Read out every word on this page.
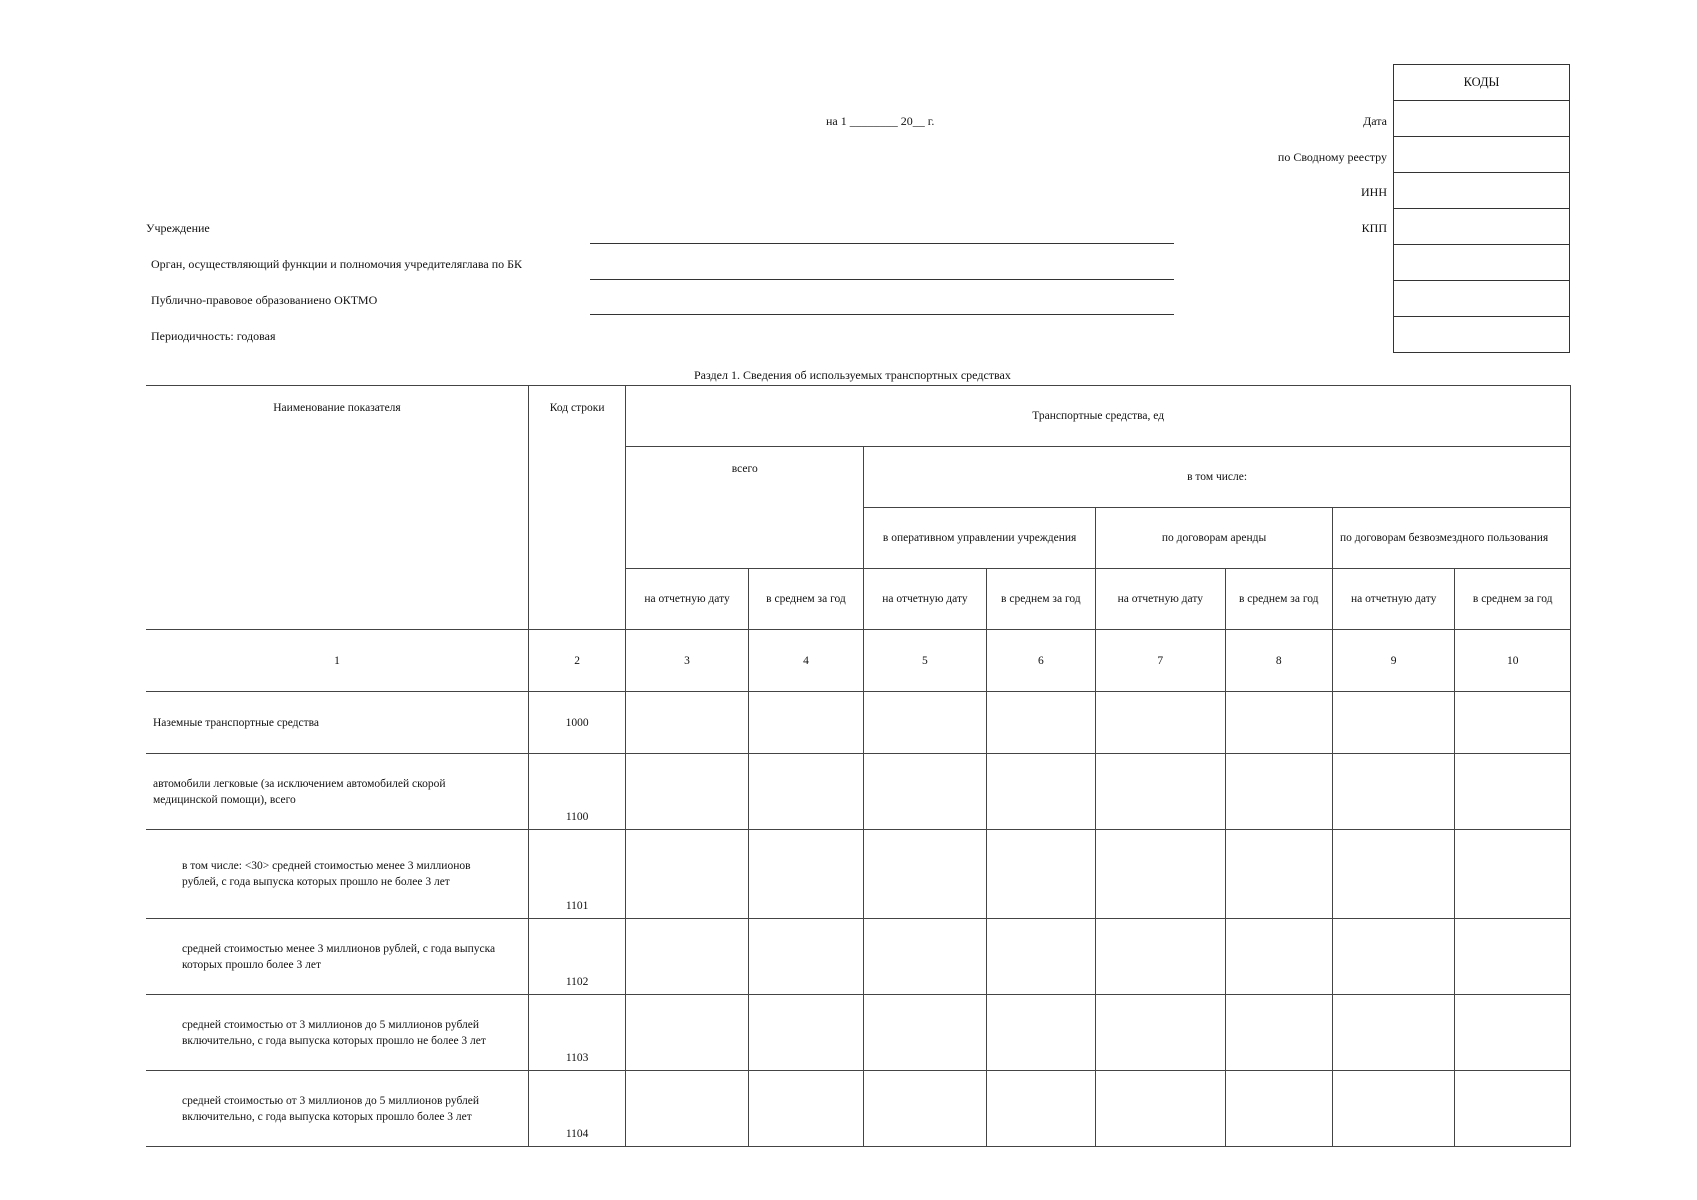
на 1 ________ 20__ г.
КОДЫ

Дата
по Сводному реестру
ИНН
КПП
Учреждение
Орган, осуществляющий функции и полномочия учредителяглава по БК
Публично-правовое образованиено ОКТМО
Периодичность: годовая
Раздел 1. Сведения об используемых транспортных средствах
Наименование показателя	Код строки	Транспортные средства, ед							
		всего		в том числе:					
				в оперативном управлении учреждения		по договорам аренды		по договорам безвозмездного пользования	
		на отчетную дату	в среднем за год	на отчетную дату	в среднем за год	на отчетную дату	в среднем за год	на отчетную дату	в среднем за год
1	2	3	4	5	6	7	8	9	10
Наземные транспортные средства	1000								
автомобили легковые (за исключением автомобилей скорой медицинской помощи), всего	1100								
в том числе: <30> средней стоимостью менее 3 миллионов рублей, с года выпуска которых прошло не более 3 лет	1101								
средней стоимостью менее 3 миллионов рублей, с года выпуска которых прошло более 3 лет	1102								
средней стоимостью от 3 миллионов до 5 миллионов рублей включительно, с года выпуска которых прошло не более 3 лет	1103								
средней стоимостью от 3 миллионов до 5 миллионов рублей включительно, с года выпуска которых прошло более 3 лет	1104								
